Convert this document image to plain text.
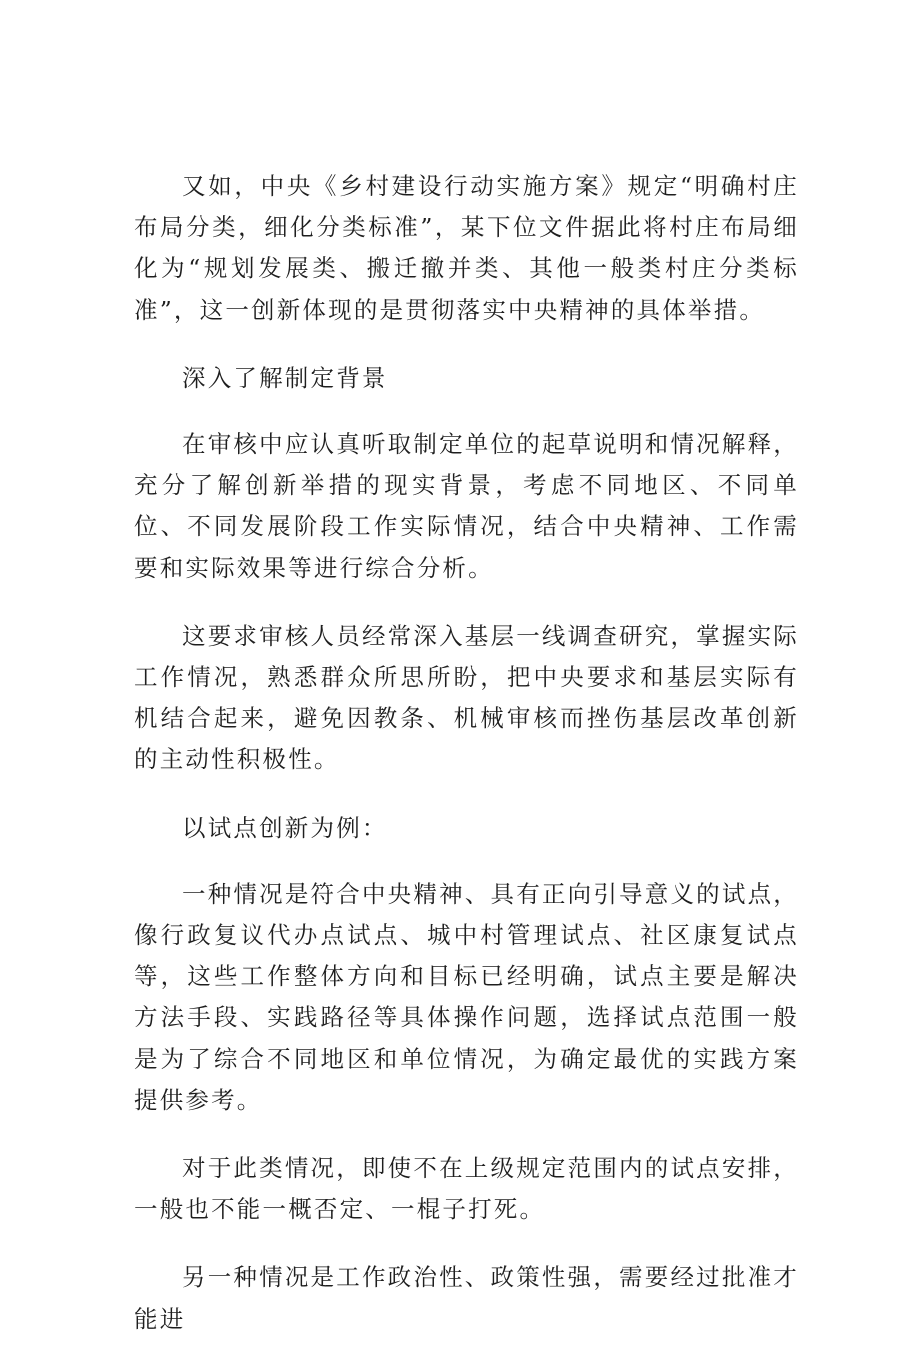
又如，中央《乡村建设行动实施方案》规定“明确村庄布局分类，细化分类标准”，某下位文件据此将村庄布局细化为“规划发展类、搬迁撤并类、其他一般类村庄分类标准”，这一创新体现的是贯彻落实中央精神的具体举措。

深入了解制定背景

在审核中应认真听取制定单位的起草说明和情况解释，充分了解创新举措的现实背景，考虑不同地区、不同单位、不同发展阶段工作实际情况，结合中央精神、工作需要和实际效果等进行综合分析。

这要求审核人员经常深入基层一线调查研究，掌握实际工作情况，熟悉群众所思所盼，把中央要求和基层实际有机结合起来，避免因教条、机械审核而挫伤基层改革创新的主动性积极性。

以试点创新为例：

一种情况是符合中央精神、具有正向引导意义的试点，像行政复议代办点试点、城中村管理试点、社区康复试点等，这些工作整体方向和目标已经明确，试点主要是解决方法手段、实践路径等具体操作问题，选择试点范围一般是为了综合不同地区和单位情况，为确定最优的实践方案提供参考。

对于此类情况，即使不在上级规定范围内的试点安排，一般也不能一概否定、一棍子打死。

另一种情况是工作政治性、政策性强，需要经过批准才能进
